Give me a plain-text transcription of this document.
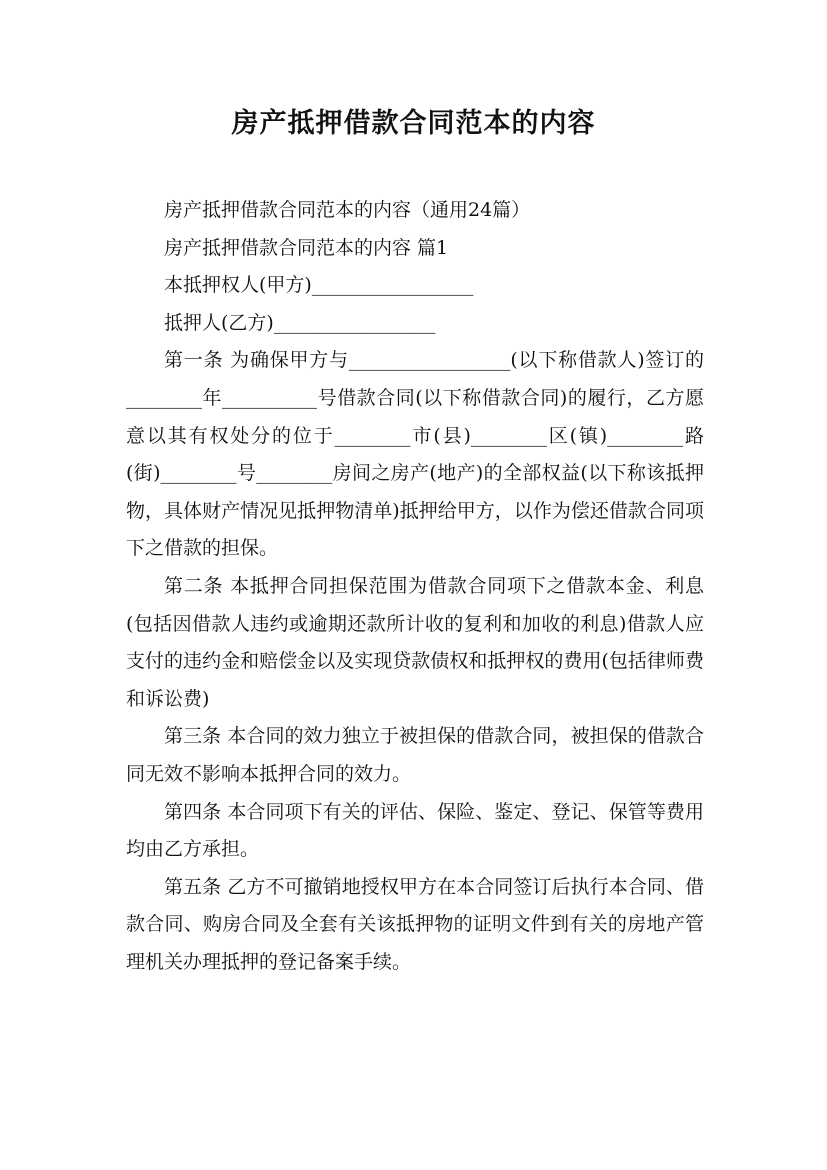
房产抵押借款合同范本的内容

房产抵押借款合同范本的内容（通用24篇）

房产抵押借款合同范本的内容 篇1

本抵押权人(甲方)_________________

抵押人(乙方)_________________

第一条 为确保甲方与_________________(以下称借款人)签订的________年__________号借款合同(以下称借款合同)的履行，乙方愿意以其有权处分的位于________市(县)________区(镇)________路(街)________号________房间之房产(地产)的全部权益(以下称该抵押物，具体财产情况见抵押物清单)抵押给甲方，以作为偿还借款合同项下之借款的担保。

第二条 本抵押合同担保范围为借款合同项下之借款本金、利息(包括因借款人违约或逾期还款所计收的复利和加收的利息)借款人应支付的违约金和赔偿金以及实现贷款债权和抵押权的费用(包括律师费和诉讼费)

第三条 本合同的效力独立于被担保的借款合同，被担保的借款合同无效不影响本抵押合同的效力。

第四条 本合同项下有关的评估、保险、鉴定、登记、保管等费用均由乙方承担。

第五条 乙方不可撤销地授权甲方在本合同签订后执行本合同、借款合同、购房合同及全套有关该抵押物的证明文件到有关的房地产管理机关办理抵押的登记备案手续。
